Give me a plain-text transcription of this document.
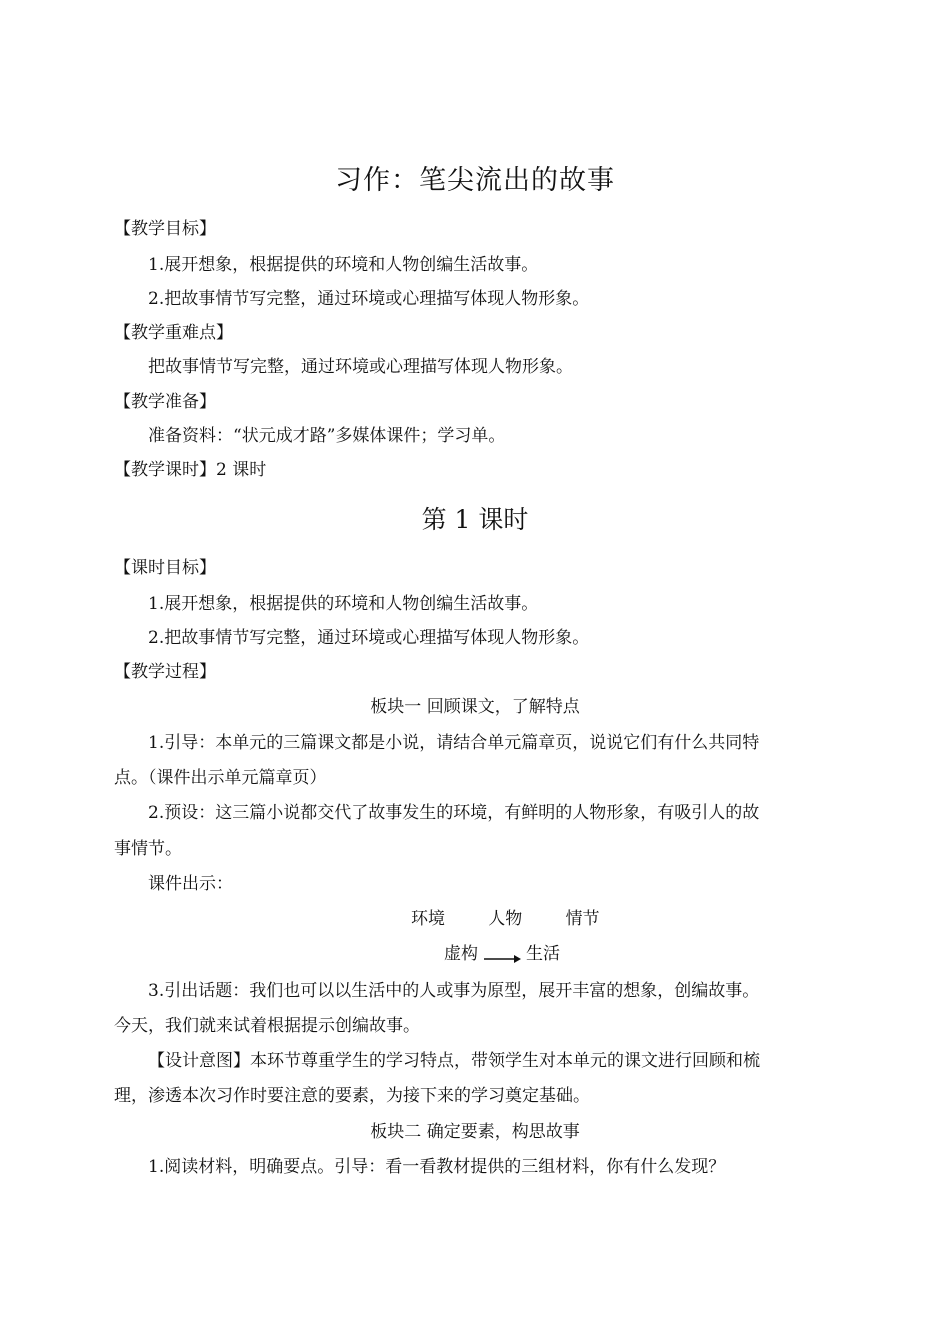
习作：笔尖流出的故事
【教学目标】
1.展开想象，根据提供的环境和人物创编生活故事。
2.把故事情节写完整，通过环境或心理描写体现人物形象。
【教学重难点】
把故事情节写完整，通过环境或心理描写体现人物形象。
【教学准备】
准备资料：“状元成才路”多媒体课件；学习单。
【教学课时】2 课时
第 1 课时
【课时目标】
1.展开想象，根据提供的环境和人物创编生活故事。
2.把故事情节写完整，通过环境或心理描写体现人物形象。
【教学过程】
板块一 回顾课文，了解特点
1.引导：本单元的三篇课文都是小说，请结合单元篇章页，说说它们有什么共同特
点。（课件出示单元篇章页）
2.预设：这三篇小说都交代了故事发生的环境，有鲜明的人物形象，有吸引人的故
事情节。
课件出示：
环境        人物        情节
虚构	生活
3.引出话题：我们也可以以生活中的人或事为原型，展开丰富的想象，创编故事。
今天，我们就来试着根据提示创编故事。
【设计意图】本环节尊重学生的学习特点，带领学生对本单元的课文进行回顾和梳
理，渗透本次习作时要注意的要素，为接下来的学习奠定基础。
板块二 确定要素，构思故事
1.阅读材料，明确要点。引导：看一看教材提供的三组材料，你有什么发现？
